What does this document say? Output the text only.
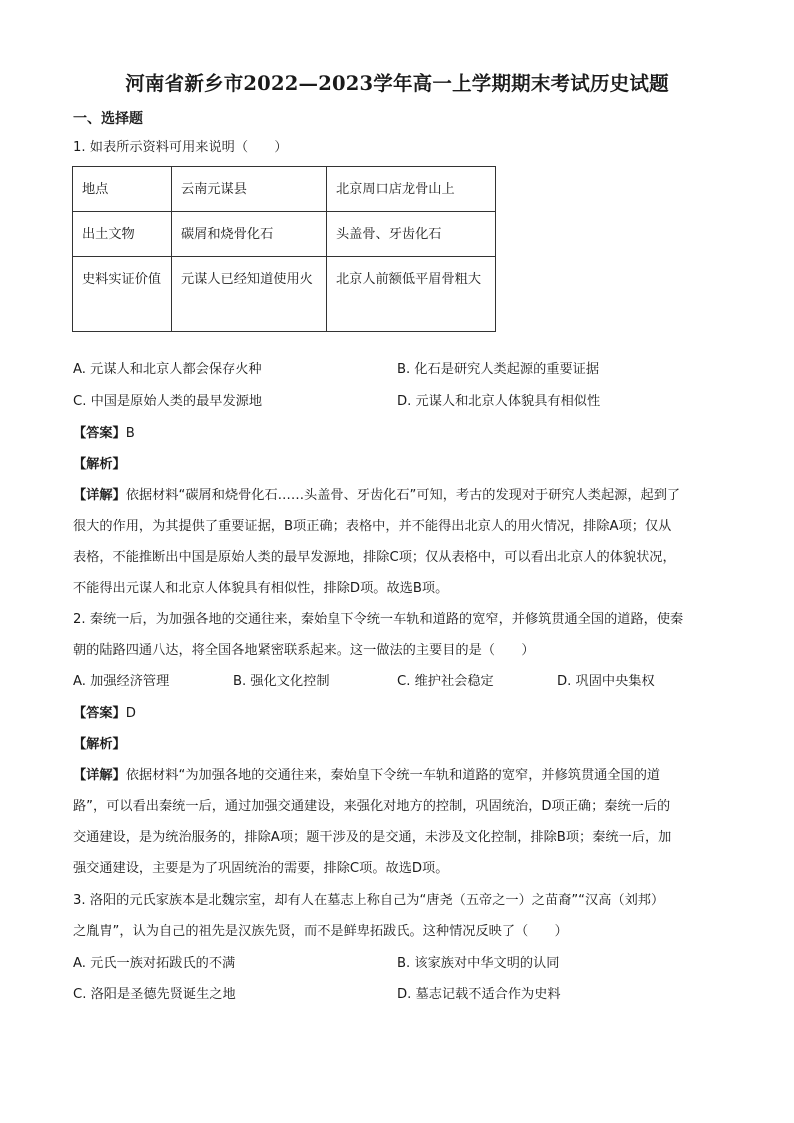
河南省新乡市2022—2023学年高一上学期期末考试历史试题
一、选择题
1. 如表所示资料可用来说明（　　）
地点	云南元谋县	北京周口店龙骨山上
出土文物	碳屑和烧骨化石	头盖骨、牙齿化石
史料实证价值	元谋人已经知道使用火	北京人前额低平眉骨粗大
A. 元谋人和北京人都会保存火种	B. 化石是研究人类起源的重要证据
C. 中国是原始人类的最早发源地	D. 元谋人和北京人体貌具有相似性
【答案】B
【解析】
【详解】依据材料“碳屑和烧骨化石……头盖骨、牙齿化石”可知，考古的发现对于研究人类起源，起到了
很大的作用，为其提供了重要证据，B项正确；表格中，并不能得出北京人的用火情况，排除A项；仅从
表格，不能推断出中国是原始人类的最早发源地，排除C项；仅从表格中，可以看出北京人的体貌状况，
不能得出元谋人和北京人体貌具有相似性，排除D项。故选B项。
2. 秦统一后，为加强各地的交通往来，秦始皇下令统一车轨和道路的宽窄，并修筑贯通全国的道路，使秦
朝的陆路四通八达，将全国各地紧密联系起来。这一做法的主要目的是（　　）
A. 加强经济管理	B. 强化文化控制	C. 维护社会稳定	D. 巩固中央集权
【答案】D
【解析】
【详解】依据材料“为加强各地的交通往来，秦始皇下令统一车轨和道路的宽窄，并修筑贯通全国的道
路”，可以看出秦统一后，通过加强交通建设，来强化对地方的控制，巩固统治，D项正确；秦统一后的
交通建设，是为统治服务的，排除A项；题干涉及的是交通，未涉及文化控制，排除B项；秦统一后，加
强交通建设，主要是为了巩固统治的需要，排除C项。故选D项。
3. 洛阳的元氏家族本是北魏宗室，却有人在墓志上称自己为“唐尧（五帝之一）之苗裔”“汉高（刘邦）
之胤胄”，认为自己的祖先是汉族先贤，而不是鲜卑拓跋氏。这种情况反映了（　　）
A. 元氏一族对拓跋氏的不满	B. 该家族对中华文明的认同
C. 洛阳是圣德先贤诞生之地	D. 墓志记载不适合作为史料
